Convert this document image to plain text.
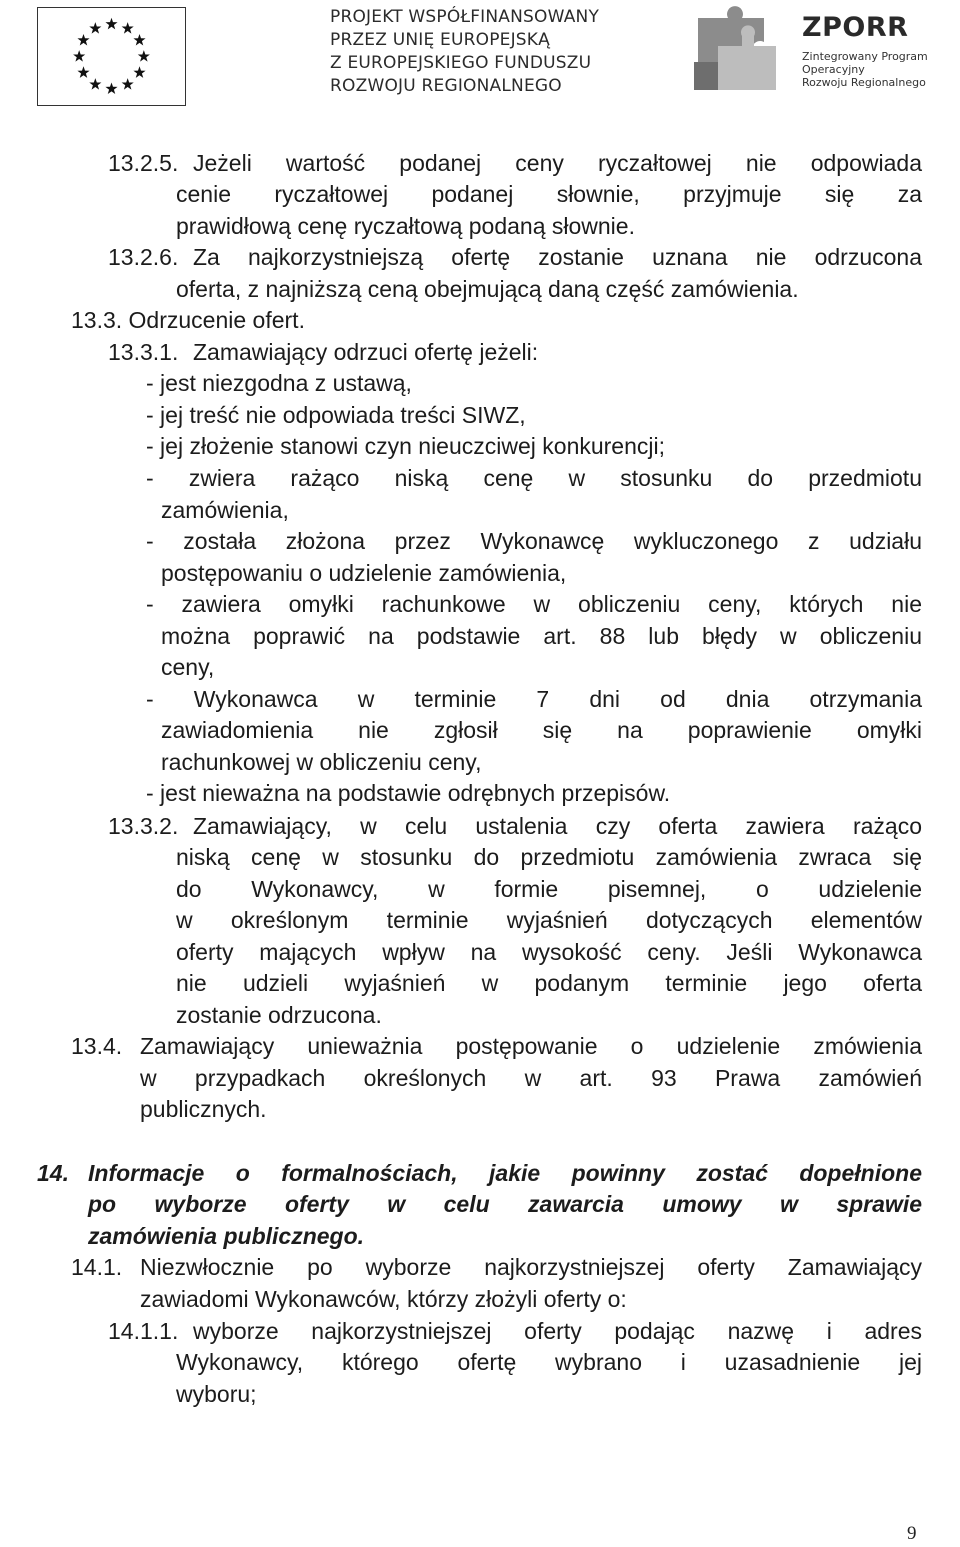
PROJEKT WSPÓŁFINANSOWANY
PRZEZ UNIĘ EUROPEJSKĄ
Z EUROPEJSKIEGO FUNDUSZU
ROZWOJU REGIONALNEGO
ZPORR
Zintegrowany Program
Operacyjny
Rozwoju Regionalnego
13.2.5. Jeżeli wartość podanej ceny ryczałtowej nie odpowiada
cenie ryczałtowej podanej słownie, przyjmuje się za
prawidłową cenę ryczałtową podaną słownie.
13.2.6. Za najkorzystniejszą ofertę zostanie uznana nie odrzucona
oferta, z najniższą ceną obejmującą daną część zamówienia.
13.3. Odrzucenie ofert.
13.3.1. Zamawiający odrzuci ofertę jeżeli:
- jest niezgodna z ustawą,
- jej treść nie odpowiada treści SIWZ,
- jej złożenie stanowi czyn nieuczciwej konkurencji;
- zwiera rażąco niską cenę w stosunku do przedmiotu
zamówienia,
- została złożona przez Wykonawcę wykluczonego z udziału
postępowaniu o udzielenie zamówienia,
- zawiera omyłki rachunkowe w obliczeniu ceny, których nie
można poprawić na podstawie art. 88 lub błędy w obliczeniu
ceny,
- Wykonawca w terminie 7 dni od dnia otrzymania
zawiadomienia nie zgłosił się na poprawienie omyłki
rachunkowej w obliczeniu ceny,
- jest nieważna na podstawie odrębnych przepisów.
13.3.2. Zamawiający, w celu ustalenia czy oferta zawiera rażąco
niską cenę w stosunku do przedmiotu zamówienia zwraca się
do Wykonawcy, w formie pisemnej, o udzielenie
w określonym terminie wyjaśnień dotyczących elementów
oferty mających wpływ na wysokość ceny. Jeśli Wykonawca
nie udzieli wyjaśnień w podanym terminie jego oferta
zostanie odrzucona.
13.4. Zamawiający unieważnia postępowanie o udzielenie zmówienia
w przypadkach określonych w art. 93 Prawa zamówień
publicznych.
14. Informacje o formalnościach, jakie powinny zostać dopełnione
po wyborze oferty w celu zawarcia umowy w sprawie
zamówienia publicznego.
14.1. Niezwłocznie po wyborze najkorzystniejszej oferty Zamawiający
zawiadomi Wykonawców, którzy złożyli oferty o:
14.1.1. wyborze najkorzystniejszej oferty podając nazwę i adres
Wykonawcy, którego ofertę wybrano i uzasadnienie jej
wyboru;
9
